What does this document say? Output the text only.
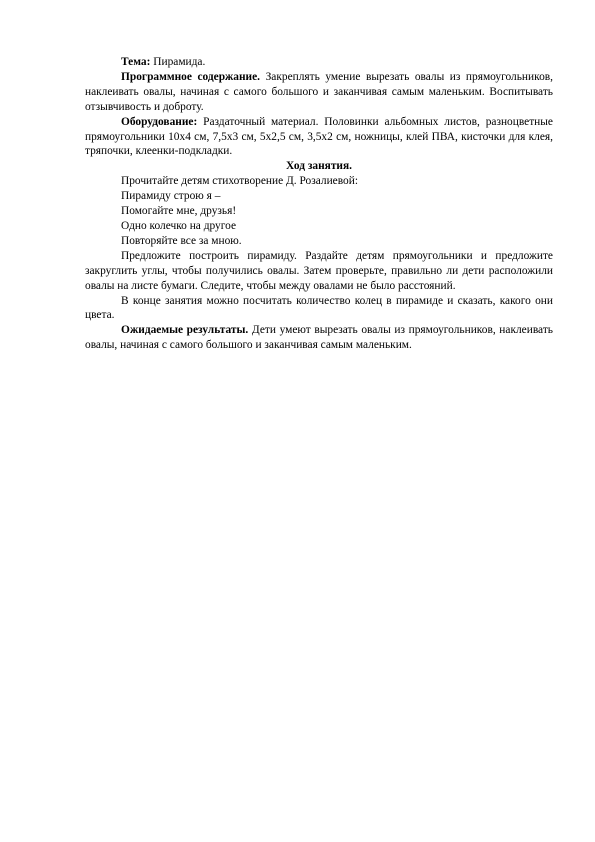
Тема: Пирамида.

Программное содержание. Закреплять умение вырезать овалы из прямоугольников, наклеивать овалы, начиная с самого большого и заканчивая самым маленьким. Воспитывать отзывчивость и доброту.

Оборудование: Раздаточный материал. Половинки альбомных листов, разноцветные прямоугольники 10х4 см, 7,5х3 см, 5х2,5 см, 3,5х2 см, ножницы, клей ПВА, кисточки для клея, тряпочки, клеенки-подкладки.

Ход занятия.

Прочитайте детям стихотворение Д. Розалиевой:

Пирамиду строю я –

Помогайте мне, друзья!

Одно колечко на другое

Повторяйте все за мною.

Предложите построить пирамиду. Раздайте детям прямоугольники и предложите закруглить углы, чтобы получились овалы. Затем проверьте, правильно ли дети расположили овалы на листе бумаги. Следите, чтобы между овалами не было расстояний.

В конце занятия можно посчитать количество колец в пирамиде и сказать, какого они цвета.

Ожидаемые результаты. Дети умеют вырезать овалы из прямоугольников, наклеивать овалы, начиная с самого большого и заканчивая самым маленьким.
